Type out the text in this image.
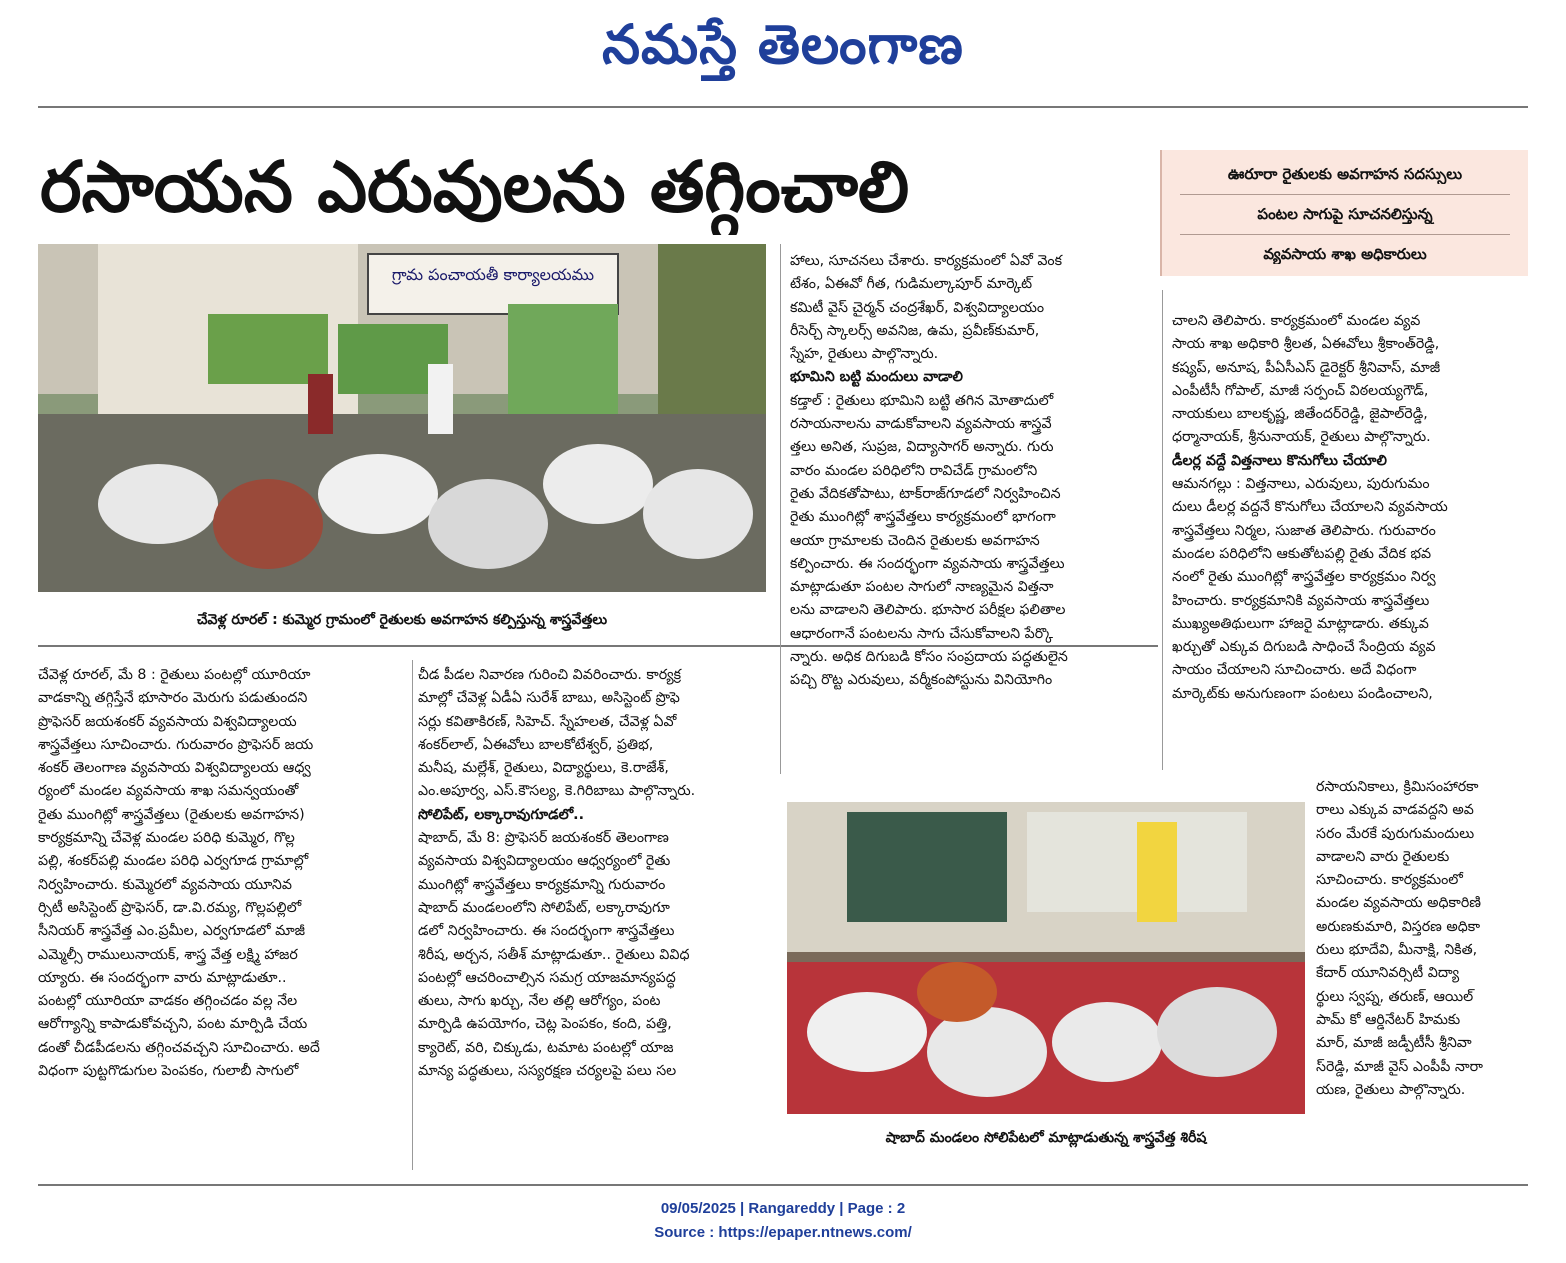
నమస్తే తెలంగాణ
రసాయన ఎరువులను తగ్గించాలి	ఊరూరా రైతులకు అవగాహన సదస్సులు
పంటల సాగుపై సూచనలిస్తున్న
వ్యవసాయ శాఖ అధికారులు
గ్రామ పంచాయతీ కార్యాలయము
చేవెళ్ల రూరల్ : కుమ్మెర గ్రామంలో రైతులకు అవగాహన కల్పిస్తున్న శాస్త్రవేత్తలు
చేవెళ్ల రూరల్, మే 8 : రైతులు పంటల్లో యూరియా
వాడకాన్ని తగ్గిస్తేనే భూసారం మెరుగు పడుతుందని
ప్రొఫెసర్ జయశంకర్ వ్యవసాయ విశ్వవిద్యాలయ
శాస్త్రవేత్తలు సూచించారు. గురువారం ప్రొఫెసర్ జయ
శంకర్ తెలంగాణ వ్యవసాయ విశ్వవిద్యాలయ ఆధ్వ
ర్యంలో మండల వ్యవసాయ శాఖ సమన్వయంతో
రైతు ముంగిట్లో శాస్త్రవేత్తలు (రైతులకు అవగాహన)
కార్యక్రమాన్ని చేవెళ్ల మండల పరిధి కుమ్మెర, గొల్ల
పల్లి, శంకర్‌పల్లి మండల పరిధి ఎర్వగూడ గ్రామాల్లో
నిర్వహించారు. కుమ్మెరలో వ్యవసాయ యూనివ
ర్సిటీ అసిస్టెంట్ ప్రొఫెసర్, డా.వి.రమ్య, గొల్లపల్లిలో
సీనియర్ శాస్త్రవేత్త ఎం.ప్రమీల, ఎర్వగూడలో మాజీ
ఎమ్మెల్సీ రాములునాయక్, శాస్త్ర వేత్త లక్ష్మి హాజర
య్యారు. ఈ సందర్భంగా వారు మాట్లాడుతూ..
పంటల్లో యూరియా వాడకం తగ్గించడం వల్ల నేల
ఆరోగ్యాన్ని కాపాడుకోవచ్చని, పంట మార్పిడి చేయ
డంతో చీడపీడలను తగ్గించవచ్చని సూచించారు. అదే
విధంగా పుట్టగొడుగుల పెంపకం, గులాబీ సాగులో
చీడ పీడల నివారణ గురించి వివరించారు. కార్యక్ర
మాల్లో చేవెళ్ల ఏడీఏ సురేశ్ బాబు, అసిస్టెంట్ ప్రొఫె
సర్లు కవితాకిరణ్, సిహెచ్. స్నేహలత, చేవెళ్ల ఏవో
శంకర్‌లాల్, ఏఈవోలు బాలకోటేశ్వర్, ప్రతిభ,
మనీష, మల్లేశ్, రైతులు, విద్యార్థులు, కె.రాజేశ్,
ఎం.అపూర్వ, ఎస్.కౌసల్య, కె.గిరిబాబు పాల్గొన్నారు.
సోలిపేట్, లక్కారావుగూడలో..
షాబాద్, మే 8: ప్రొఫెసర్ జయశంకర్ తెలంగాణ
వ్యవసాయ విశ్వవిద్యాలయం ఆధ్వర్యంలో రైతు
ముంగిట్లో శాస్త్రవేత్తలు కార్యక్రమాన్ని గురువారం
షాబాద్ మండలంలోని సోలిపేట్, లక్కారావుగూ
డలో నిర్వహించారు. ఈ సందర్భంగా శాస్త్రవేత్తలు
శిరీష, అర్చన, సతీశ్ మాట్లాడుతూ.. రైతులు వివిధ
పంటల్లో ఆచరించాల్సిన సమగ్ర యాజమాన్యపద్ధ
తులు, సాగు ఖర్చు, నేల తల్లి ఆరోగ్యం, పంట
మార్పిడి ఉపయోగం, చెట్ల పెంపకం, కంది, పత్తి,
క్యారెట్, వరి, చిక్కుడు, టమాట పంటల్లో యాజ
మాన్య పద్ధతులు, సస్యరక్షణ చర్యలపై పలు సల
హాలు, సూచనలు చేశారు. కార్యక్రమంలో ఏవో వెంక
టేశం, ఏఈవో గీత, గుడిమల్కాపూర్ మార్కెట్
కమిటీ వైస్ చైర్మన్ చంద్రశేఖర్, విశ్వవిద్యాలయం
రీసెర్చ్ స్కాలర్స్ అవనిజ, ఉమ, ప్రవీణ్‌కుమార్,
స్నేహ, రైతులు పాల్గొన్నారు.
భూమిని బట్టి మందులు వాడాలి
కడ్తాల్ : రైతులు భూమిని బట్టి తగిన మోతాదులో
రసాయనాలను వాడుకోవాలని వ్యవసాయ శాస్త్రవే
త్తలు అనిత, సుప్రజ, విద్యాసాగర్ అన్నారు. గురు
వారం మండల పరిధిలోని రావిచేడ్ గ్రామంలోని
రైతు వేదికతోపాటు, టాక్‌రాజ్‌గూడలో నిర్వహించిన
రైతు ముంగిట్లో శాస్త్రవేత్తలు కార్యక్రమంలో భాగంగా
ఆయా గ్రామాలకు చెందిన రైతులకు అవగాహన
కల్పించారు. ఈ సందర్భంగా వ్యవసాయ శాస్త్రవేత్తలు
మాట్లాడుతూ పంటల సాగులో నాణ్యమైన విత్తనా
లను వాడాలని తెలిపారు. భూసార పరీక్షల ఫలితాల
ఆధారంగానే పంటలను సాగు చేసుకోవాలని పేర్కొ
న్నారు. అధిక దిగుబడి కోసం సంప్రదాయ పద్ధతులైన
పచ్చి రొట్ట ఎరువులు, వర్మీకంపోస్టును వినియోగిం
చాలని తెలిపారు. కార్యక్రమంలో మండల వ్యవ
సాయ శాఖ అధికారి శ్రీలత, ఏఈవోలు శ్రీకాంత్‌రెడ్డి,
కష్యప్, అనూష, పీఏసీఎస్ డైరెక్టర్ శ్రీనివాస్, మాజీ
ఎంపీటీసీ గోపాల్, మాజీ సర్పంచ్ విఠలయ్యగౌడ్,
నాయకులు బాలకృష్ణ, జితేందర్‌రెడ్డి, జైపాల్‌రెడ్డి,
ధర్మానాయక్, శ్రీనునాయక్, రైతులు పాల్గొన్నారు.
డీలర్ల వద్దే విత్తనాలు కొనుగోలు చేయాలి
ఆమనగల్లు : విత్తనాలు, ఎరువులు, పురుగుమం
దులు డీలర్ల వద్దనే కొనుగోలు చేయాలని వ్యవసాయ
శాస్త్రవేత్తలు నిర్మల, సుజాత తెలిపారు. గురువారం
మండల పరిధిలోని ఆకుతోటపల్లి రైతు వేదిక భవ
నంలో రైతు ముంగిట్లో శాస్త్రవేత్తల కార్యక్రమం నిర్వ
హించారు. కార్యక్రమానికి వ్యవసాయ శాస్త్రవేత్తలు
ముఖ్యఅతిథులుగా హాజరై మాట్లాడారు. తక్కువ
ఖర్చుతో ఎక్కువ దిగుబడి సాధించే సేంద్రియ వ్యవ
సాయం చేయాలని సూచించారు. అదే విధంగా
మార్కెట్‌కు అనుగుణంగా పంటలు పండించాలని,
రసాయనికాలు, క్రిమిసంహారకా
రాలు ఎక్కువ వాడవద్దని అవ
సరం మేరకే పురుగుమందులు
వాడాలని వారు రైతులకు
సూచించారు. కార్యక్రమంలో
మండల వ్యవసాయ అధికారిణి
అరుణకుమారి, విస్తరణ అధికా
రులు భూదేవి, మీనాక్షి, నికిత,
కేదార్ యూనివర్సిటీ విద్యా
ర్థులు స్వప్న, తరుణ్, ఆయిల్
పామ్ కో ఆర్డినేటర్ హిమకు
మార్, మాజీ జడ్పీటీసీ శ్రీనివా
స్‌రెడ్డి, మాజీ వైస్ ఎంపీపీ నారా
యణ, రైతులు పాల్గొన్నారు.
షాబాద్ మండలం సోలిపేటలో మాట్లాడుతున్న శాస్త్రవేత్త శిరీష
09/05/2025 | Rangareddy | Page : 2
Source : https://epaper.ntnews.com/
